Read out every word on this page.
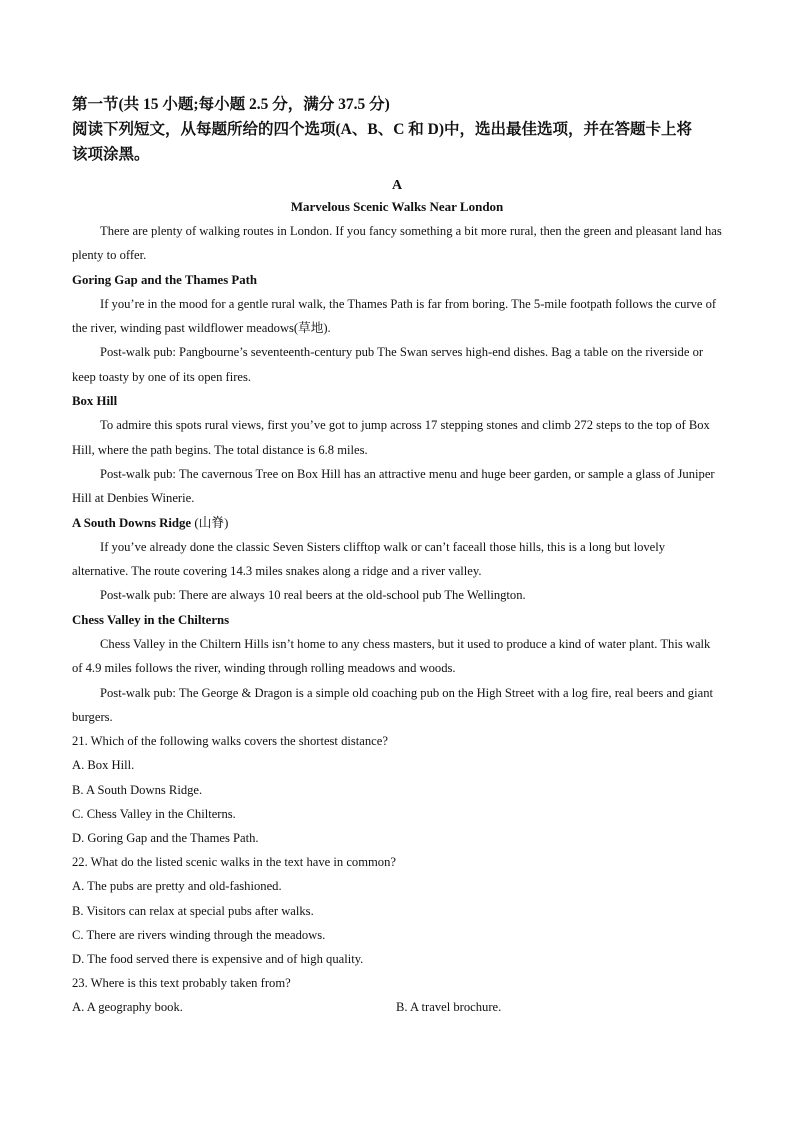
第一节(共 15 小题;每小题 2.5 分，满分 37.5 分)

阅读下列短文，从每题所给的四个选项(A、B、C 和 D)中，选出最佳选项，并在答题卡上将

该项涂黑。

A
Marvelous Scenic Walks Near London

There are plenty of walking routes in London. If you fancy something a bit more rural, then the green and pleasant land has plenty to offer.

Goring Gap and the Thames Path

If you’re in the mood for a gentle rural walk, the Thames Path is far from boring. The 5-mile footpath follows the curve of the river, winding past wildflower meadows(草地).

Post-walk pub: Pangbourne’s seventeenth-century pub The Swan serves high-end dishes. Bag a table on the riverside or keep toasty by one of its open fires.

Box Hill

To admire this spots rural views, first you’ve got to jump across 17 stepping stones and climb 272 steps to the top of Box Hill, where the path begins. The total distance is 6.8 miles.

Post-walk pub: The cavernous Tree on Box Hill has an attractive menu and huge beer garden, or sample a glass of Juniper Hill at Denbies Winerie.

A South Downs Ridge (山脊)

If you’ve already done the classic Seven Sisters clifftop walk or can’t faceall those hills, this is a long but lovely alternative. The route covering 14.3 miles snakes along a ridge and a river valley.

Post-walk pub: There are always 10 real beers at the old-school pub The Wellington.

Chess Valley in the Chilterns

Chess Valley in the Chiltern Hills isn’t home to any chess masters, but it used to produce a kind of water plant. This walk of 4.9 miles follows the river, winding through rolling meadows and woods.

Post-walk pub: The George & Dragon is a simple old coaching pub on the High Street with a log fire, real beers and giant burgers.

21. Which of the following walks covers the shortest distance?

A. Box Hill.

B. A South Downs Ridge.

C. Chess Valley in the Chilterns.

D. Goring Gap and the Thames Path.

22. What do the listed scenic walks in the text have in common?

A. The pubs are pretty and old-fashioned.

B. Visitors can relax at special pubs after walks.

C. There are rivers winding through the meadows.

D. The food served there is expensive and of high quality.

23. Where is this text probably taken from?

A. A geography book.	B. A travel brochure.
